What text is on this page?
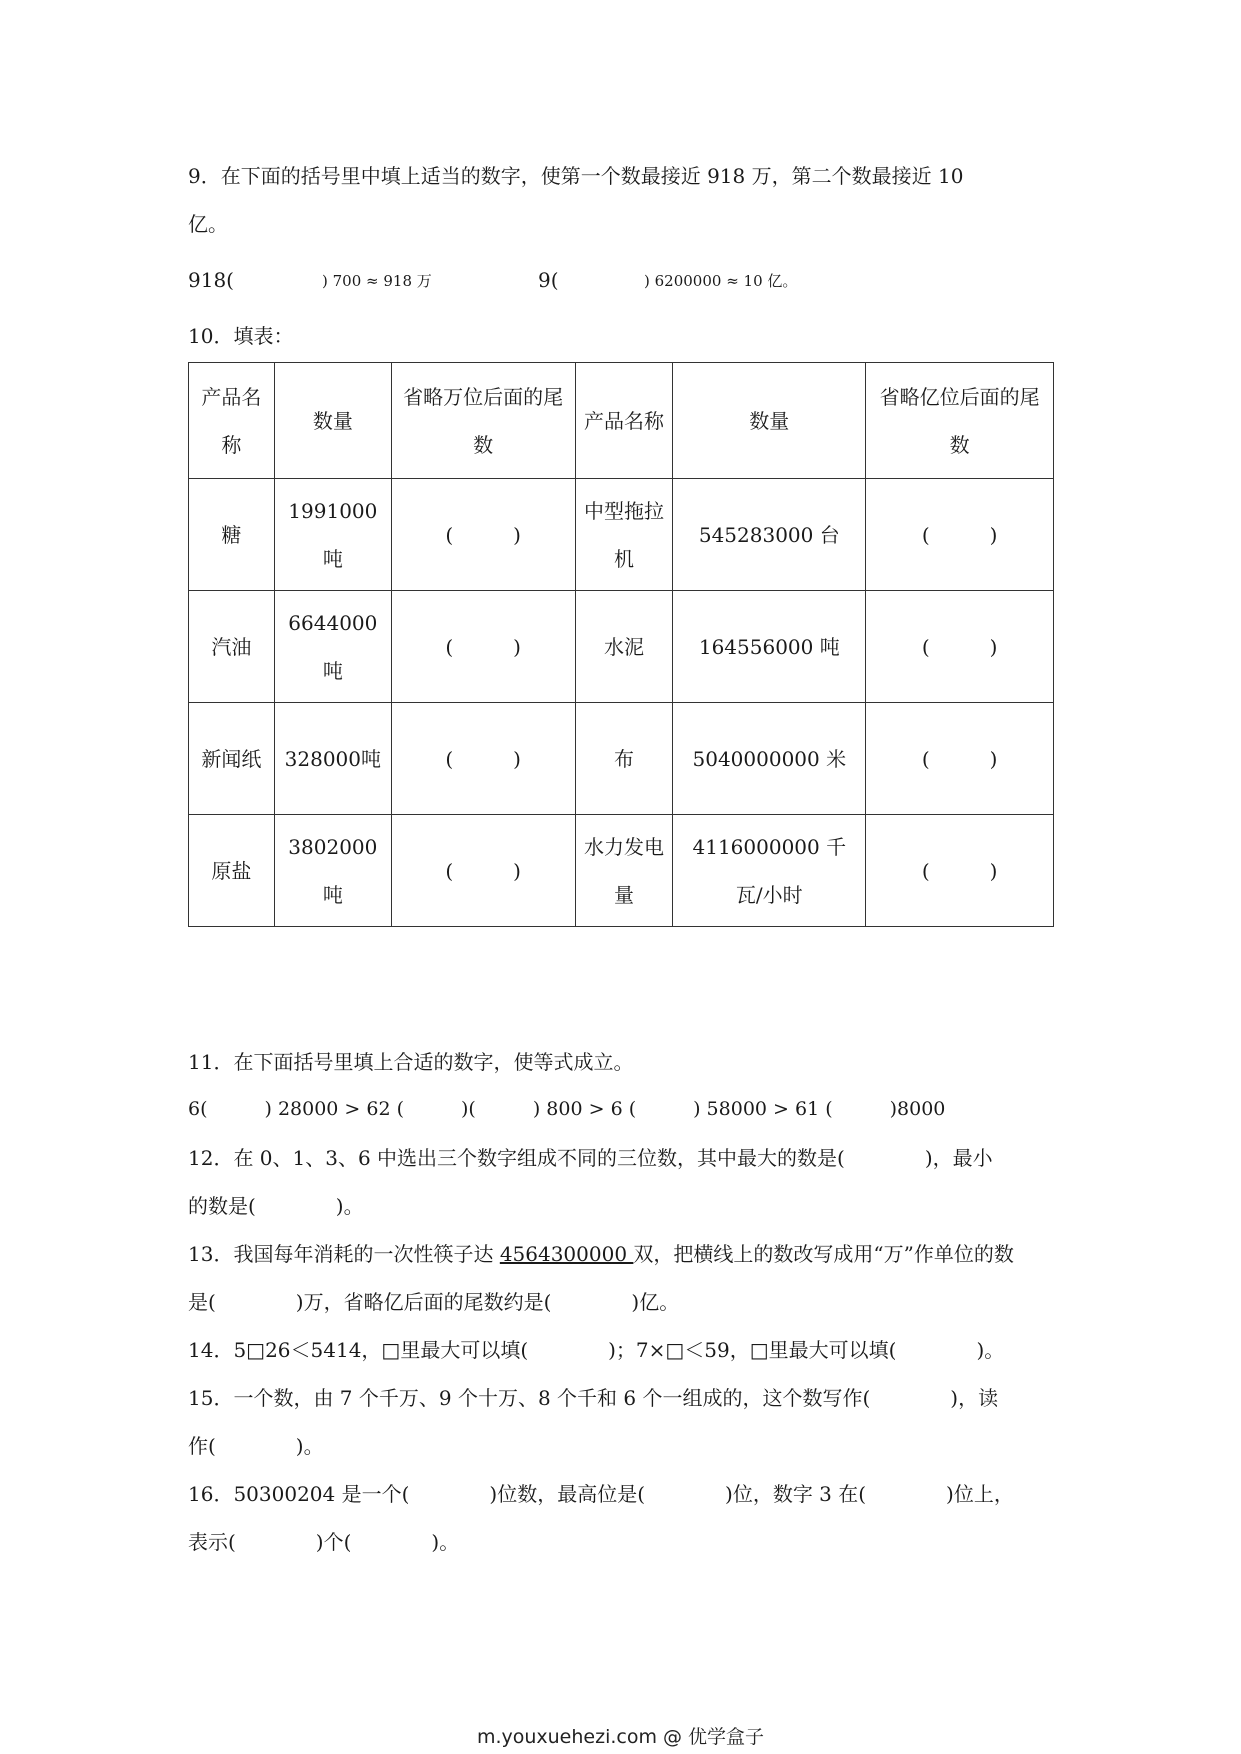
9．在下面的括号里中填上适当的数字，使第一个数最接近 918 万，第二个数最接近 10
亿。
918(	) 700 ≈ 918 万	9(	) 6200000 ≈ 10 亿。
10．填表：
产品名称	数量	省略万位后面的尾数	产品名称	数量	省略亿位后面的尾数
糖	1991000吨	(　　　)	中型拖拉机	545283000 台	(　　　)
汽油	6644000吨	(　　　)	水泥	164556000 吨	(　　　)
新闻纸	328000吨	(　　　)	布	5040000000 米	(　　　)
原盐	3802000吨	(　　　)	水力发电量	4116000000 千瓦/小时	(　　　)
11．在下面括号里填上合适的数字，使等式成立。
6(　　　) 28000 > 62 (　　　)(　　　) 800 > 6 (　　　) 58000 > 61 (　　　)8000
12．在 0、1、3、6 中选出三个数字组成不同的三位数，其中最大的数是(　　　　)，最小
的数是(　　　　)。
13．我国每年消耗的一次性筷子达 4564300000 双，把横线上的数改写成用“万”作单位的数
是(　　　　)万，省略亿后面的尾数约是(　　　　)亿。
14．5□26＜5414，□里最大可以填(　　　　)；7×□＜59，□里最大可以填(　　　　)。
15．一个数，由 7 个千万、9 个十万、8 个千和 6 个一组成的，这个数写作(　　　　)，读
作(　　　　)。
16．50300204 是一个(　　　　)位数，最高位是(　　　　)位，数字 3 在(　　　　)位上，
表示(　　　　)个(　　　　)。
m.youxuehezi.com @ 优学盒子
